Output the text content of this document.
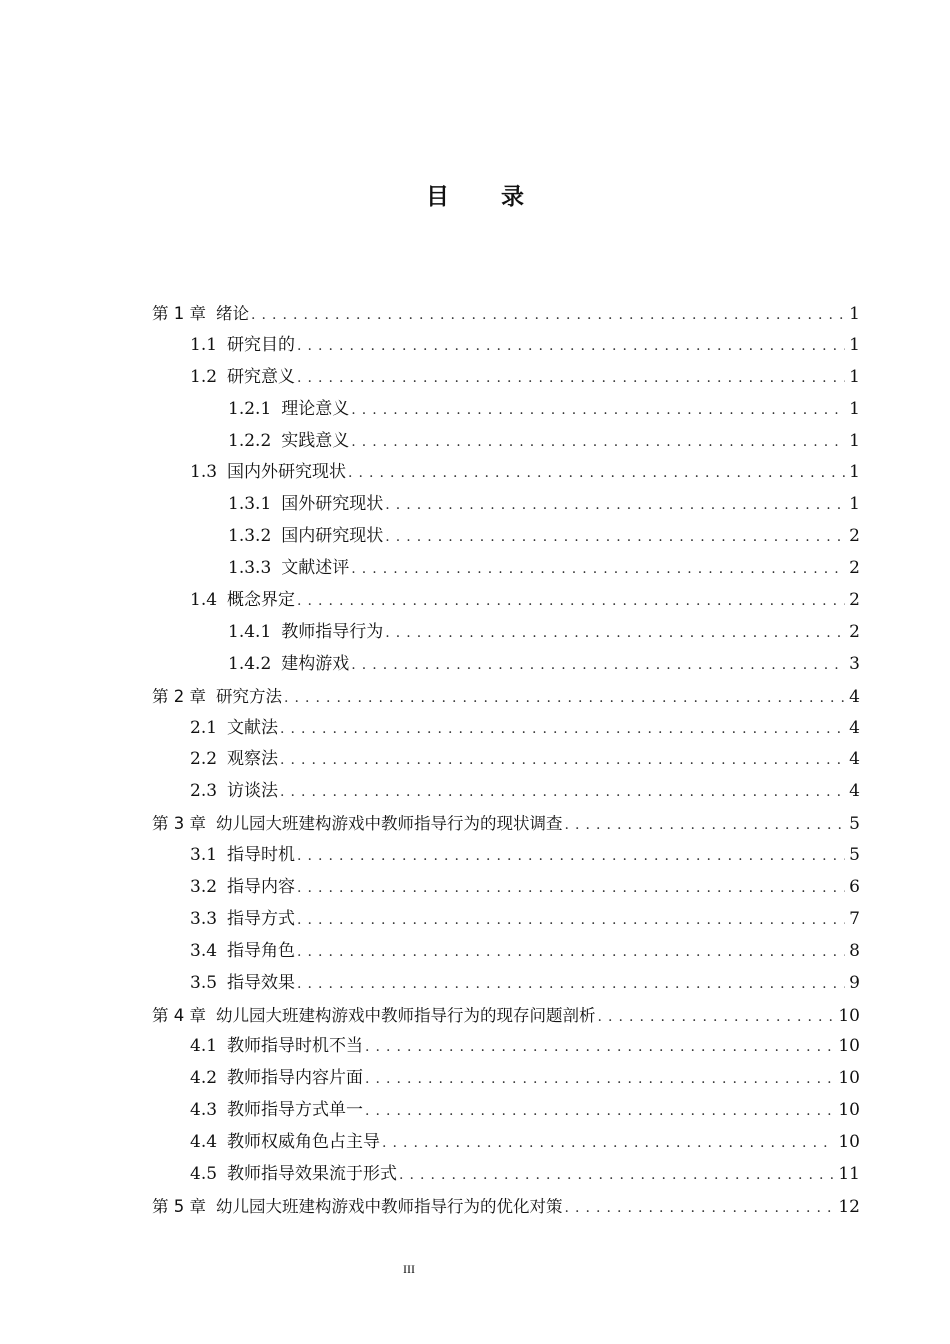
目 录
第 1 章 绪论 . . .	1
1.1 研究目的 . . .	1
1.2 研究意义 . . .	1
1.2.1 理论意义 . . .	1
1.2.2 实践意义 . . .	1
1.3 国内外研究现状 . . .	1
1.3.1 国外研究现状 . . .	1
1.3.2 国内研究现状 . . .	2
1.3.3 文献述评 . . .	2
1.4 概念界定 . . .	2
1.4.1 教师指导行为 . . .	2
1.4.2 建构游戏 . . .	3
第 2 章 研究方法 . . .	4
2.1 文献法 . . .	4
2.2 观察法 . . .	4
2.3 访谈法 . . .	4
第 3 章 幼儿园大班建构游戏中教师指导行为的现状调查 . . .	5
3.1 指导时机 . . .	5
3.2 指导内容 . . .	6
3.3 指导方式 . . .	7
3.4 指导角色 . . .	8
3.5 指导效果 . . .	9
第 4 章 幼儿园大班建构游戏中教师指导行为的现存问题剖析 . . .	10
4.1 教师指导时机不当 . . .	10
4.2 教师指导内容片面 . . .	10
4.3 教师指导方式单一 . . .	10
4.4 教师权威角色占主导 . . .	10
4.5 教师指导效果流于形式 . . .	11
第 5 章 幼儿园大班建构游戏中教师指导行为的优化对策 . . .	12
III
